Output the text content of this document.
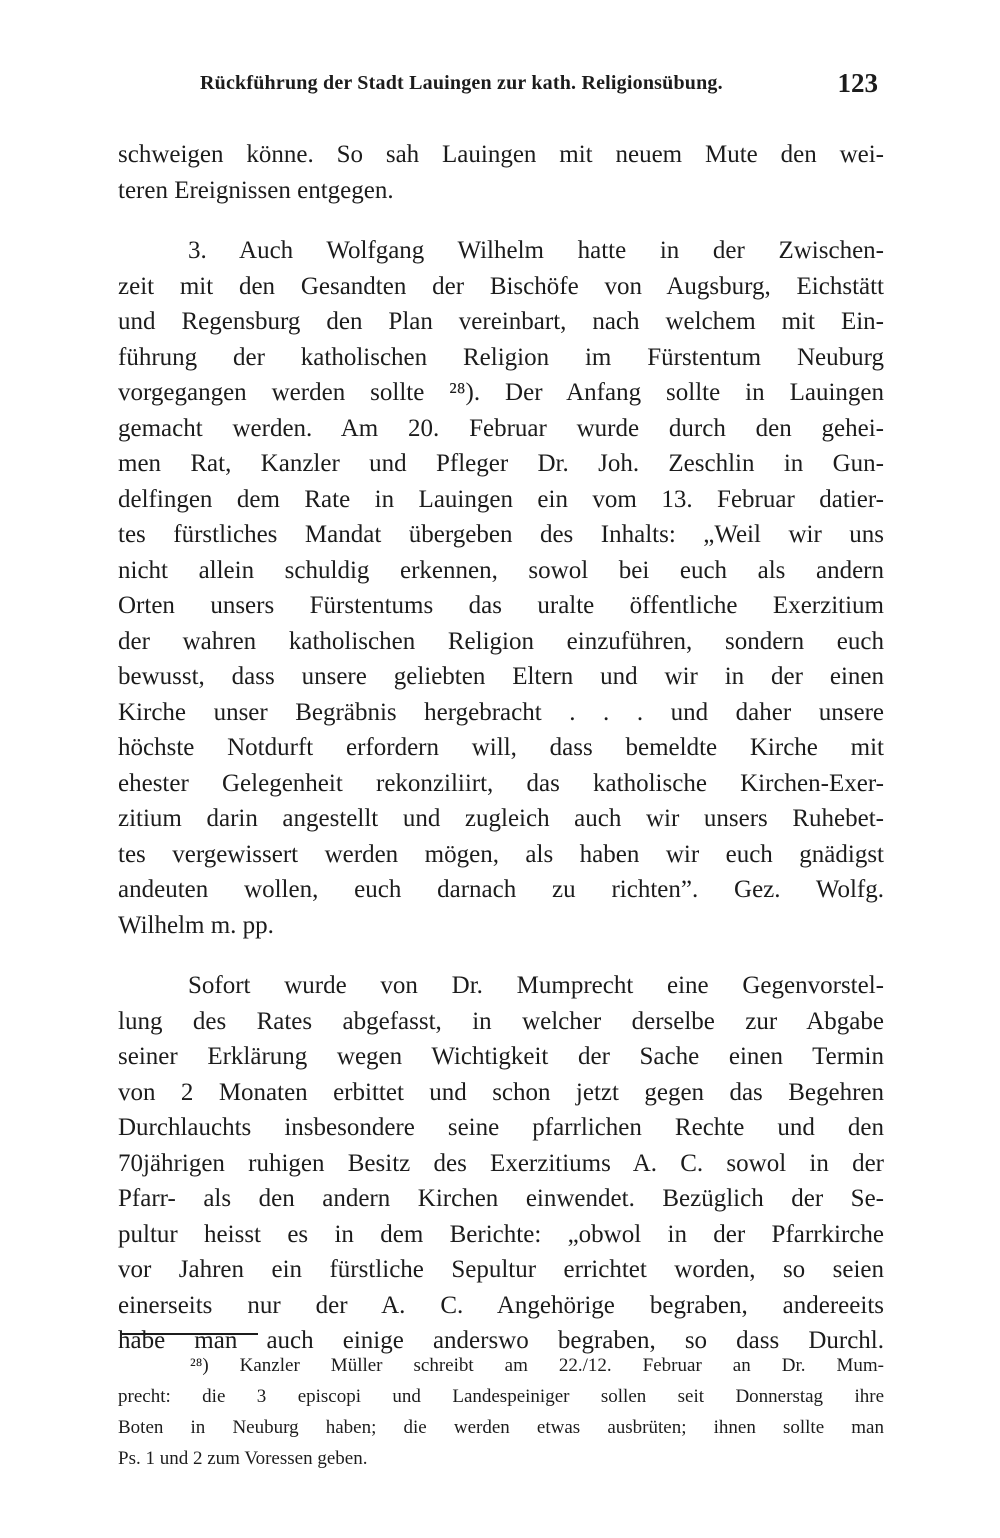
Rückführung der Stadt Lauingen zur kath. Religionsübung.	123
schweigen könne. So sah Lauingen mit neuem Mute den wei-
teren Ereignissen entgegen.
3. Auch Wolfgang Wilhelm hatte in der Zwischen-
zeit mit den Gesandten der Bischöfe von Augsburg, Eichstätt
und Regensburg den Plan vereinbart, nach welchem mit Ein-
führung der katholischen Religion im Fürstentum Neuburg
vorgegangen werden sollte ²⁸). Der Anfang sollte in Lauingen
gemacht werden. Am 20. Februar wurde durch den gehei-
men Rat, Kanzler und Pfleger Dr. Joh. Zeschlin in Gun-
delfingen dem Rate in Lauingen ein vom 13. Februar datier-
tes fürstliches Mandat übergeben des Inhalts: „Weil wir uns
nicht allein schuldig erkennen, sowol bei euch als andern
Orten unsers Fürstentums das uralte öffentliche Exerzitium
der wahren katholischen Religion einzuführen, sondern euch
bewusst, dass unsere geliebten Eltern und wir in der einen
Kirche unser Begräbnis hergebracht . . . und daher unsere
höchste Notdurft erfordern will, dass bemeldte Kirche mit
ehester Gelegenheit rekonziliirt, das katholische Kirchen-Exer-
zitium darin angestellt und zugleich auch wir unsers Ruhebet-
tes vergewissert werden mögen, als haben wir euch gnädigst
andeuten wollen, euch darnach zu richten”. Gez. Wolfg.
Wilhelm m. pp.
Sofort wurde von Dr. Mumprecht eine Gegenvorstel-
lung des Rates abgefasst, in welcher derselbe zur Abgabe
seiner Erklärung wegen Wichtigkeit der Sache einen Termin
von 2 Monaten erbittet und schon jetzt gegen das Begehren
Durchlauchts insbesondere seine pfarrlichen Rechte und den
70jährigen ruhigen Besitz des Exerzitiums A. C. sowol in der
Pfarr- als den andern Kirchen einwendet. Bezüglich der Se-
pultur heisst es in dem Berichte: „obwol in der Pfarrkirche
vor Jahren ein fürstliche Sepultur errichtet worden, so seien
einerseits nur der A. C. Angehörige begraben, andereeits
habe man auch einige anderswo begraben, so dass Durchl.
²⁸) Kanzler Müller schreibt am 22./12. Februar an Dr. Mum-
precht: die 3 episcopi und Landespeiniger sollen seit Donnerstag ihre
Boten in Neuburg haben; die werden etwas ausbrüten; ihnen sollte man
Ps. 1 und 2 zum Voressen geben.
